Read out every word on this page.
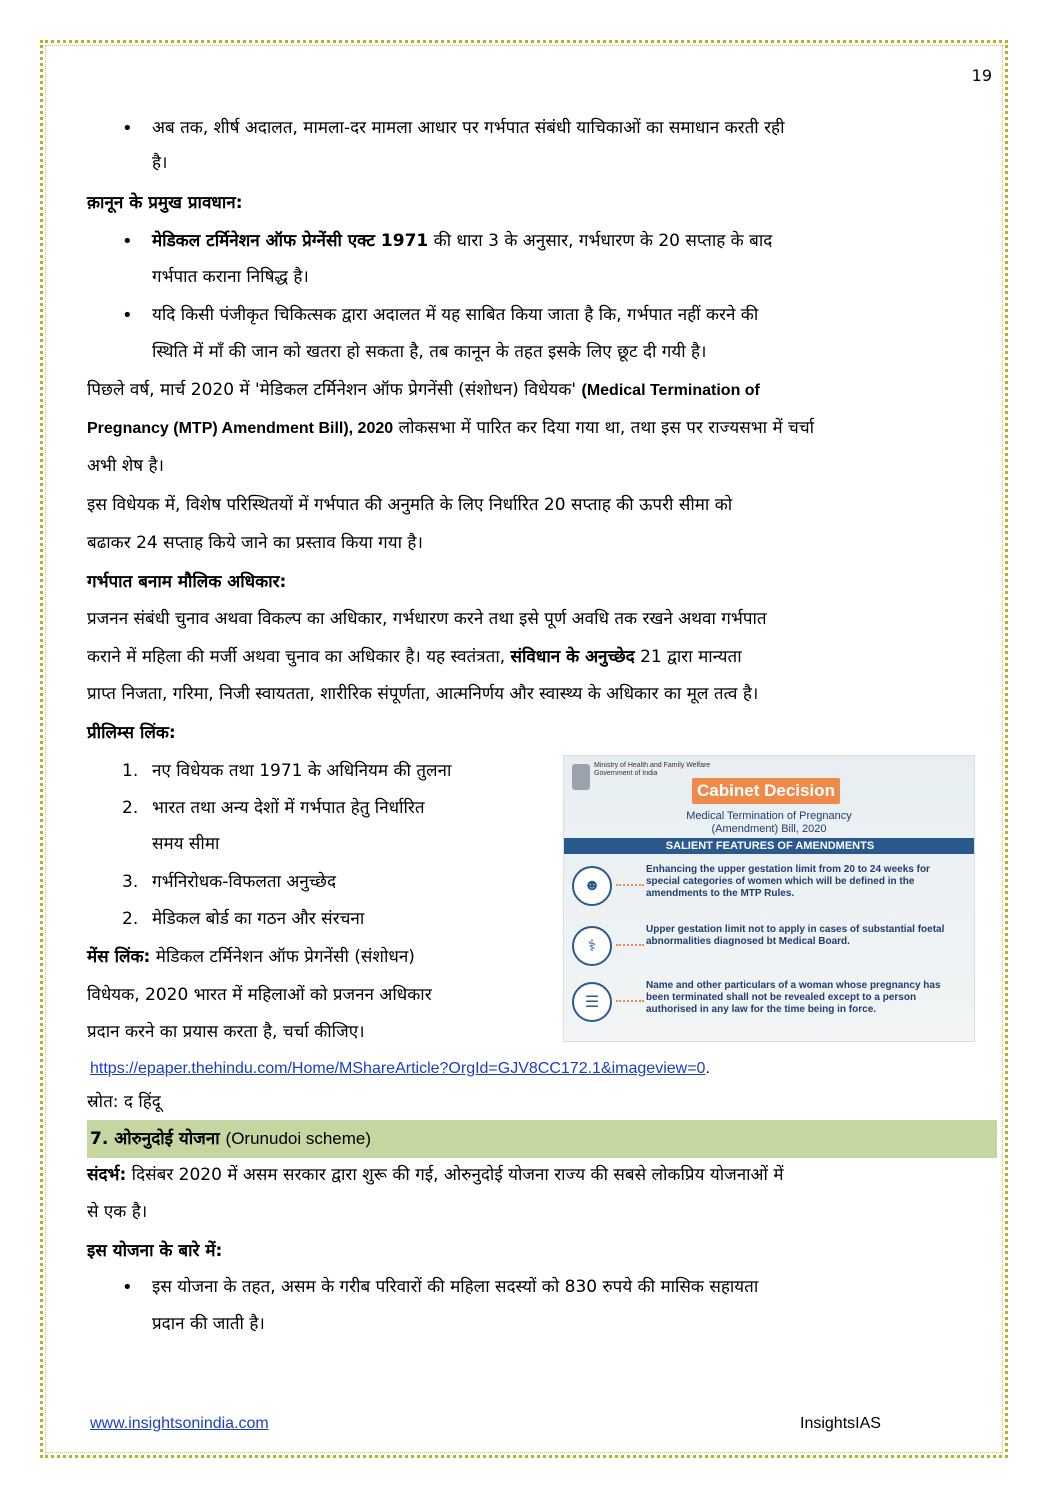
19
• अब तक, शीर्ष अदालत, मामला-दर मामला आधार पर गर्भपात संबंधी याचिकाओं का समाधान करती रही
है।
क़ानून के प्रमुख प्रावधान:
• मेडिकल टर्मिनेशन ऑफ प्रेग्नेंसी एक्ट 1971 की धारा 3 के अनुसार, गर्भधारण के 20 सप्ताह के बाद
गर्भपात कराना निषिद्ध है।
• यदि किसी पंजीकृत चिकित्सक द्वारा अदालत में यह साबित किया जाता है कि, गर्भपात नहीं करने की
स्थिति में माँ की जान को खतरा हो सकता है, तब कानून के तहत इसके लिए छूट दी गयी है।
पिछले वर्ष, मार्च 2020 में 'मेडिकल टर्मिनेशन ऑफ प्रेगनेंसी (संशोधन) विधेयक' (Medical Termination of
Pregnancy (MTP) Amendment Bill), 2020 लोकसभा में पारित कर दिया गया था, तथा इस पर राज्यसभा में चर्चा
अभी शेष है।
इस विधेयक में, विशेष परिस्थितयों में गर्भपात की अनुमति के लिए निर्धारित 20 सप्ताह की ऊपरी सीमा को
बढाकर 24 सप्ताह किये जाने का प्रस्ताव किया गया है।
गर्भपात बनाम मौलिक अधिकार:
प्रजनन संबंधी चुनाव अथवा विकल्प का अधिकार, गर्भधारण करने तथा इसे पूर्ण अवधि तक रखने अथवा गर्भपात
कराने में महिला की मर्जी अथवा चुनाव का अधिकार है। यह स्वतंत्रता, संविधान के अनुच्छेद 21 द्वारा मान्यता
प्राप्त निजता, गरिमा, निजी स्वायतता, शारीरिक संपूर्णता, आत्मनिर्णय और स्वास्थ्य के अधिकार का मूल तत्व है।
प्रीलिम्स लिंक:
1. नए विधेयक तथा 1971 के अधिनियम की तुलना
2. भारत तथा अन्य देशों में गर्भपात हेतु निर्धारित
समय सीमा
3. गर्भनिरोधक-विफलता अनुच्छेद
2. मेडिकल बोर्ड का गठन और संरचना
मेंस लिंक: मेडिकल टर्मिनेशन ऑफ प्रेगनेंसी (संशोधन)
विधेयक, 2020 भारत में महिलाओं को प्रजनन अधिकार
प्रदान करने का प्रयास करता है, चर्चा कीजिए।
Ministry of Health and Family Welfare Government of India
Cabinet Decision
Medical Termination of Pregnancy
(Amendment) Bill, 2020
SALIENT FEATURES OF AMENDMENTS
☻
Enhancing the upper gestation limit from 20 to 24 weeks for special categories of women which will be defined in the amendments to the MTP Rules.
⚕
Upper gestation limit not to apply in cases of substantial foetal abnormalities diagnosed bt Medical Board.
☰
Name and other particulars of a woman whose pregnancy has been terminated shall not be revealed except to a person authorised in any law for the time being in force.
https://epaper.thehindu.com/Home/MShareArticle?OrgId=GJV8CC172.1&imageview=0.
स्रोत: द हिंदू
7. ओरुनुदोई योजना (Orunudoi scheme)
संदर्भ: दिसंबर 2020 में असम सरकार द्वारा शुरू की गई, ओरुनुदोई योजना राज्य की सबसे लोकप्रिय योजनाओं में
से एक है।
इस योजना के बारे में:
• इस योजना के तहत, असम के गरीब परिवारों की महिला सदस्यों को 830 रुपये की मासिक सहायता
प्रदान की जाती है।
www.insightsonindia.com	InsightsIAS
